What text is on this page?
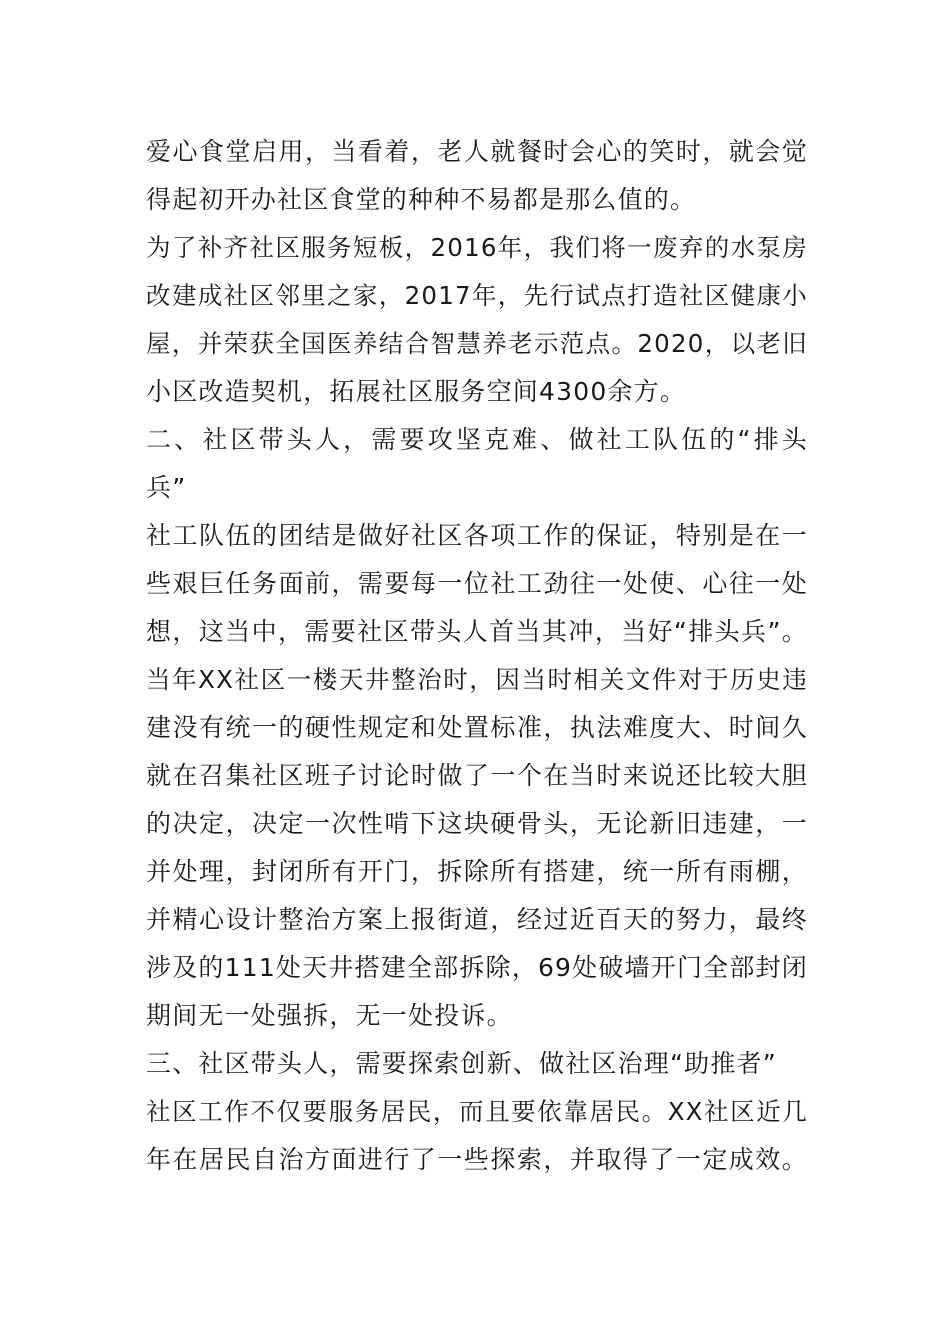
爱心食堂启用，当看着，老人就餐时会心的笑时，就会觉
得起初开办社区食堂的种种不易都是那么值的。
为了补齐社区服务短板，2016年，我们将一废弃的水泵房
改建成社区邻里之家，2017年，先行试点打造社区健康小
屋，并荣获全国医养结合智慧养老示范点。2020，以老旧
小区改造契机，拓展社区服务空间4300余方。
二、社区带头人，需要攻坚克难、做社工队伍的“排头
兵”
社工队伍的团结是做好社区各项工作的保证，特别是在一
些艰巨任务面前，需要每一位社工劲往一处使、心往一处
想，这当中，需要社区带头人首当其冲，当好“排头兵”。
当年XX社区一楼天井整治时，因当时相关文件对于历史违
建没有统一的硬性规定和处置标准，执法难度大、时间久
就在召集社区班子讨论时做了一个在当时来说还比较大胆
的决定，决定一次性啃下这块硬骨头，无论新旧违建，一
并处理，封闭所有开门，拆除所有搭建，统一所有雨棚，
并精心设计整治方案上报街道，经过近百天的努力，最终
涉及的111处天井搭建全部拆除，69处破墙开门全部封闭
期间无一处强拆，无一处投诉。
三、社区带头人，需要探索创新、做社区治理“助推者”
社区工作不仅要服务居民，而且要依靠居民。XX社区近几
年在居民自治方面进行了一些探索，并取得了一定成效。
